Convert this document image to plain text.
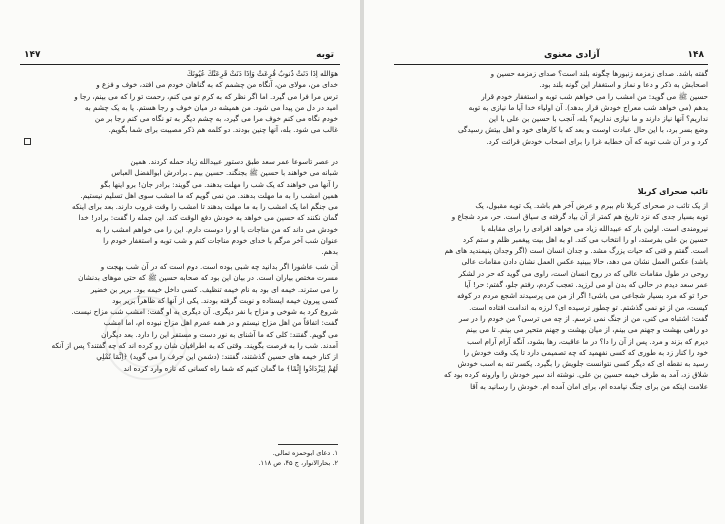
توبه
۱۴۷
هوَالله اِذَا دَنَتْ ذُنوبٌ قُرِعَتْ وَاِذَا دَنَتْ قَرِعَتْكَ عُيُونَكَ
خدای من، مولای من، آنگاه من چشمم که به گناهان خودم می افتد، خوف و فزع و
ترس مرا فرا می گیرد. اما اگر نظر که به کرم تو می کنم، رحمت تو را که می بینم، رجا و
امید در دل من پیدا می شود. من همیشه در میان خوف و رجا هستم. یا به یک چشم به
خودم نگاه می کنم خوف مرا می گیرد، به چشم دیگر به تو نگاه می کنم رجا بر من
غالب می شود. بله، آنها چنین بودند. دو کلمه هم ذکر مصیبت برای شما بگویم.
در عصر تاسوعا عمر سعد طبق دستور عبیدالله زیاد حمله کردند. همین
شبانه می خواهند با حسین ﷺ بجنگند. حسین بیم ـ برادرش ابوالفضل العباس
را آنها می خواهند که یک شب را مهلت بدهند. می گویند: برادر جان! برو اینها بگو
همین امشب را به ما مهلت بدهند. من نمی گویم که ما امشب سوی اهل تسلیم نیستیم.
می جنگم اما یک امشب را به ما مهلت بدهند تا امشب را وقت غروب دارند. بعد برای اینکه
گمان نکنند که حسین می خواهد به خودش دفع الوقت کند. این جمله را گفت: برادر! خدا
خودش می داند که من مناجات با او را دوست دارم. این را می خواهم امشب را به
عنوان شب آخر مرگم با خدای خودم مناجات کنم و شب توبه و استغفار خودم را
بدهم.
آن شب عاشورا اگر بدانید چه شبی بوده است. دوم است که در آن شب بهجت و
مسرت مختص بیاران است. در بیان این بود که صحابه حسین ﷺ که حتی موهای بدنشان
را می سترند. خیمه ای بود به نام خیمه تنظیف. کسی داخل خیمه بود. بریر بن خضیر
کسی پیرون خیمه ایستاده و نوبت گرفته بودند. یکی از آنها که ظاهراً بریر بود
شروع کرد به شوخی و مزاح با نفر دیگری. آن دیگری به او گفت: امشب شب مزاح نیست.
گفت: اتفاقاً من اهل مزاح نیستم و در همه عمرم اهل مزاح نبوده ام، اما امشب
می گویم. گفتند: کلی که ما آشنای به نور دست و مستفر این را دارد. بعد دیگران
آمدند. شب را به فرصت بگویند. وقتی که به اطرافیان شان رو کرده اند که چه گفتند؟ پس از آنکه
از کنار خیمه های حسین گذشتند، گفتند: (دشمن این حرف را می گوید) ﴿اِنَّمَا نُمْلِي
لَهُمْ لِيَزْدَادُوا إِثْمًا﴾ ما گمان کنیم که شما راه کسانی که تازه وارد کرده اند
۱. دعای ابوحمزه ثمالی.
۲. بحارالانوار، ج ۴۵، ص ۱۱۸.
آزادی معنوی	۱۴۸
گفته باشد. صدای زمزمه زنبورها چگونه بلند است؟ صدای زمزمه حسین و
اصحابش به ذکر و دعا و نماز و استغفار این گونه بلند بود.
حسین ﷺ می گوید: من امشب را می خواهم شب توبه و استغفار خودم قرار
بدهم (می خواهد شب معراج خودش قرار بدهد). آن اولیاء خدا آیا ما نیازی به توبه
نداریم؟ آنها نیاز دارند و ما نیازی نداریم؟ بله، آنجب با حسین بن علی با این
وضع بسر برد، با این حال عبادت اوست و بعد که با کارهای خود و اهل بیتش رسیدگی
کرد و در آن شب توبه که آن خطابه غرا را برای اصحاب خودش قرائت کرد.
تائب صحرای کربلا
از یک تائب در صحرای کربلا نام ببرم و عرض آخر هم باشد. یک توبه مقبول، یک
توبه بسیار جدی که نزد تاریخ هم کمتر از آن بیاد گرفته ی سیاق است. حر، مرد شجاع و
نیرومندی است. اولین بار که عبیدالله زیاد می خواهد افرادی را برای مقابله با
حسین بن علی بفرستد، او را انتخاب می کند. او به اهل بیت پیغمبر ظلم و ستم کرد
است. گفتم و قتی که حیات یزرگ مشد. و جدان انسان است (اگر وجدان پنیمندید های هم
باشد) عکس العمل نشان می دهد، حالا ببینید عکس العمل نشان دادن مقامات عالی
روحی در طول مقامات عالی که در روح انسان است، راوی می گوید که حر در لشکر
عمر سعد دیدم در حالی که بدن او می لرزید. تعجب کردم، رفتم جلو، گفتم: حر! آیا
حر! تو که مرد بسیار شجاعی می باشی! اگر از من می پرسیدند اشجع مردم در کوفه
کیست، من از تو نمی گذشتم. تو چطور ترسیده ای؟ لرزه به اندامت افتاده است.
گفت: اشتباه می کنی، من از جنگ نمی ترسم. از چه می ترسی؟ من خودم را در سر
دو راهی بهشت و جهنم می بینم، از میان بهشت و جهنم متحیر می بینم. تا می بینم
دیرم که بزند و مرد. پس از آن را دا؟ در ما عاقبت، رها بشود، آنگه آرام آرام اسب
خود را کنار زد به طوری که کسی نفهمید که چه تصمیمی دارد تا یک وقت خودش را
رسید به نقطه ای که دیگر کسی نتوانست جلویش را بگیرد. یکسر تنه به اسب خودش
شلاق زد، آمد به طرف خیمه حسین بن علی. نوشته اند سپر خودش را وارونه کرده بود که
علامت اینکه من برای جنگ نیامده ام، برای امان آمده ام. خودش را رسانید به آقا
